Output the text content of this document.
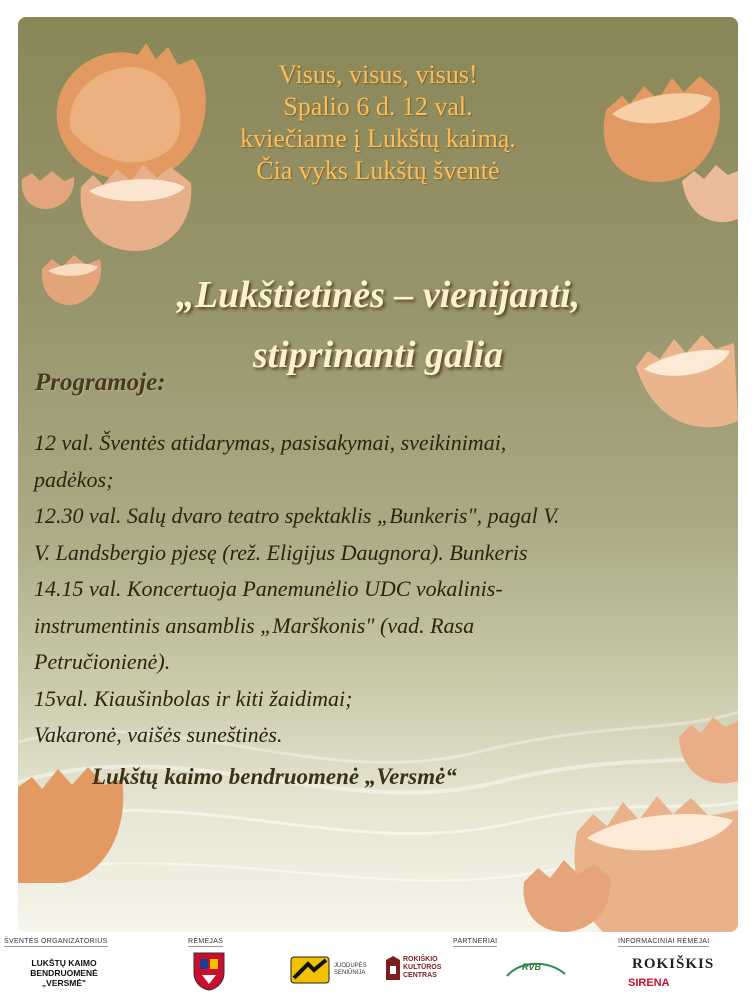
Visus, visus, visus!
Spalio 6 d. 12 val.
kviečiame į Lukštų kaimą.
Čia vyks Lukštų šventė
„Lukštietinės – vienijanti,
stiprinanti galia
Programoje:
12 val. Šventės atidarymas, pasisakymai, sveikinimai,
padėkos;
12.30 val. Salų dvaro teatro spektaklis „Bunkeris", pagal V.
V. Landsbergio pjesę (rež. Eligijus Daugnora). Bunkeris
14.15 val. Koncertuoja Panemunėlio UDC vokalinis-
instrumentinis ansamblis „Marškonis" (vad. Rasa
Petručionienė).
15val. Kiaušinbolas ir kiti žaidimai;
Vakaronė, vaišės suneštinės.
Lukštų kaimo bendruomenė „Versmė“
ŠVENTĖS ORGANIZATORIUS
LUKŠTŲ KAIMO
BENDRUOMENĖ
„VERSMĖ"
RĖMĖJAS	PARTNERIAI
JUODUPĖS
SENIŪNIJA
ROKIŠKIO
KULTŪROS
CENTRAS
RVB
INFORMACINIAI RĖMĖJAI
ROKIŠKIS
SIRENA
